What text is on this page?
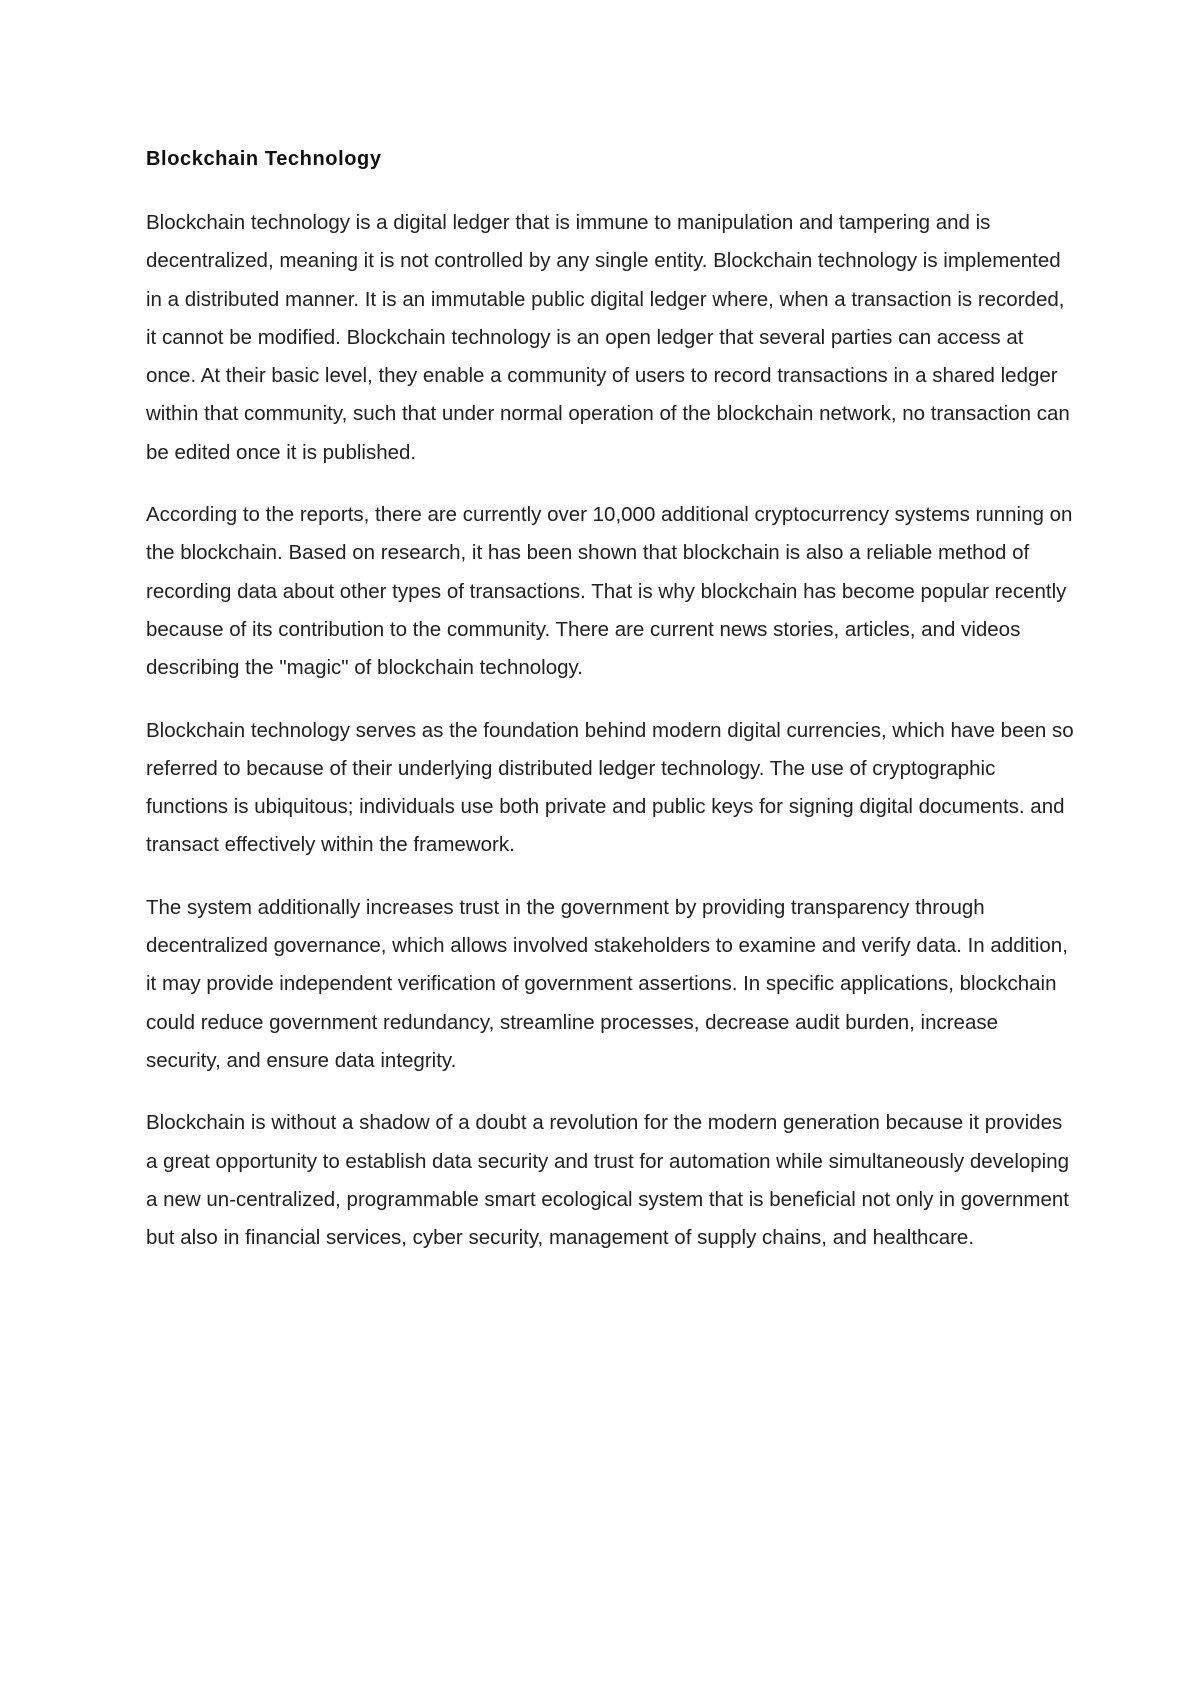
Blockchain Technology

Blockchain technology is a digital ledger that is immune to manipulation and tampering and is decentralized, meaning it is not controlled by any single entity. Blockchain technology is implemented in a distributed manner. It is an immutable public digital ledger where, when a transaction is recorded, it cannot be modified. Blockchain technology is an open ledger that several parties can access at once. At their basic level, they enable a community of users to record transactions in a shared ledger within that community, such that under normal operation of the blockchain network, no transaction can be edited once it is published.

According to the reports, there are currently over 10,000 additional cryptocurrency systems running on the blockchain. Based on research, it has been shown that blockchain is also a reliable method of recording data about other types of transactions. That is why blockchain has become popular recently because of its contribution to the community. There are current news stories, articles, and videos describing the "magic" of blockchain technology.

Blockchain technology serves as the foundation behind modern digital currencies, which have been so referred to because of their underlying distributed ledger technology. The use of cryptographic functions is ubiquitous; individuals use both private and public keys for signing digital documents. and transact effectively within the framework.

The system additionally increases trust in the government by providing transparency through decentralized governance, which allows involved stakeholders to examine and verify data. In addition, it may provide independent verification of government assertions. In specific applications, blockchain could reduce government redundancy, streamline processes, decrease audit burden, increase security, and ensure data integrity.

Blockchain is without a shadow of a doubt a revolution for the modern generation because it provides a great opportunity to establish data security and trust for automation while simultaneously developing a new un-centralized, programmable smart ecological system that is beneficial not only in government but also in financial services, cyber security, management of supply chains, and healthcare.
